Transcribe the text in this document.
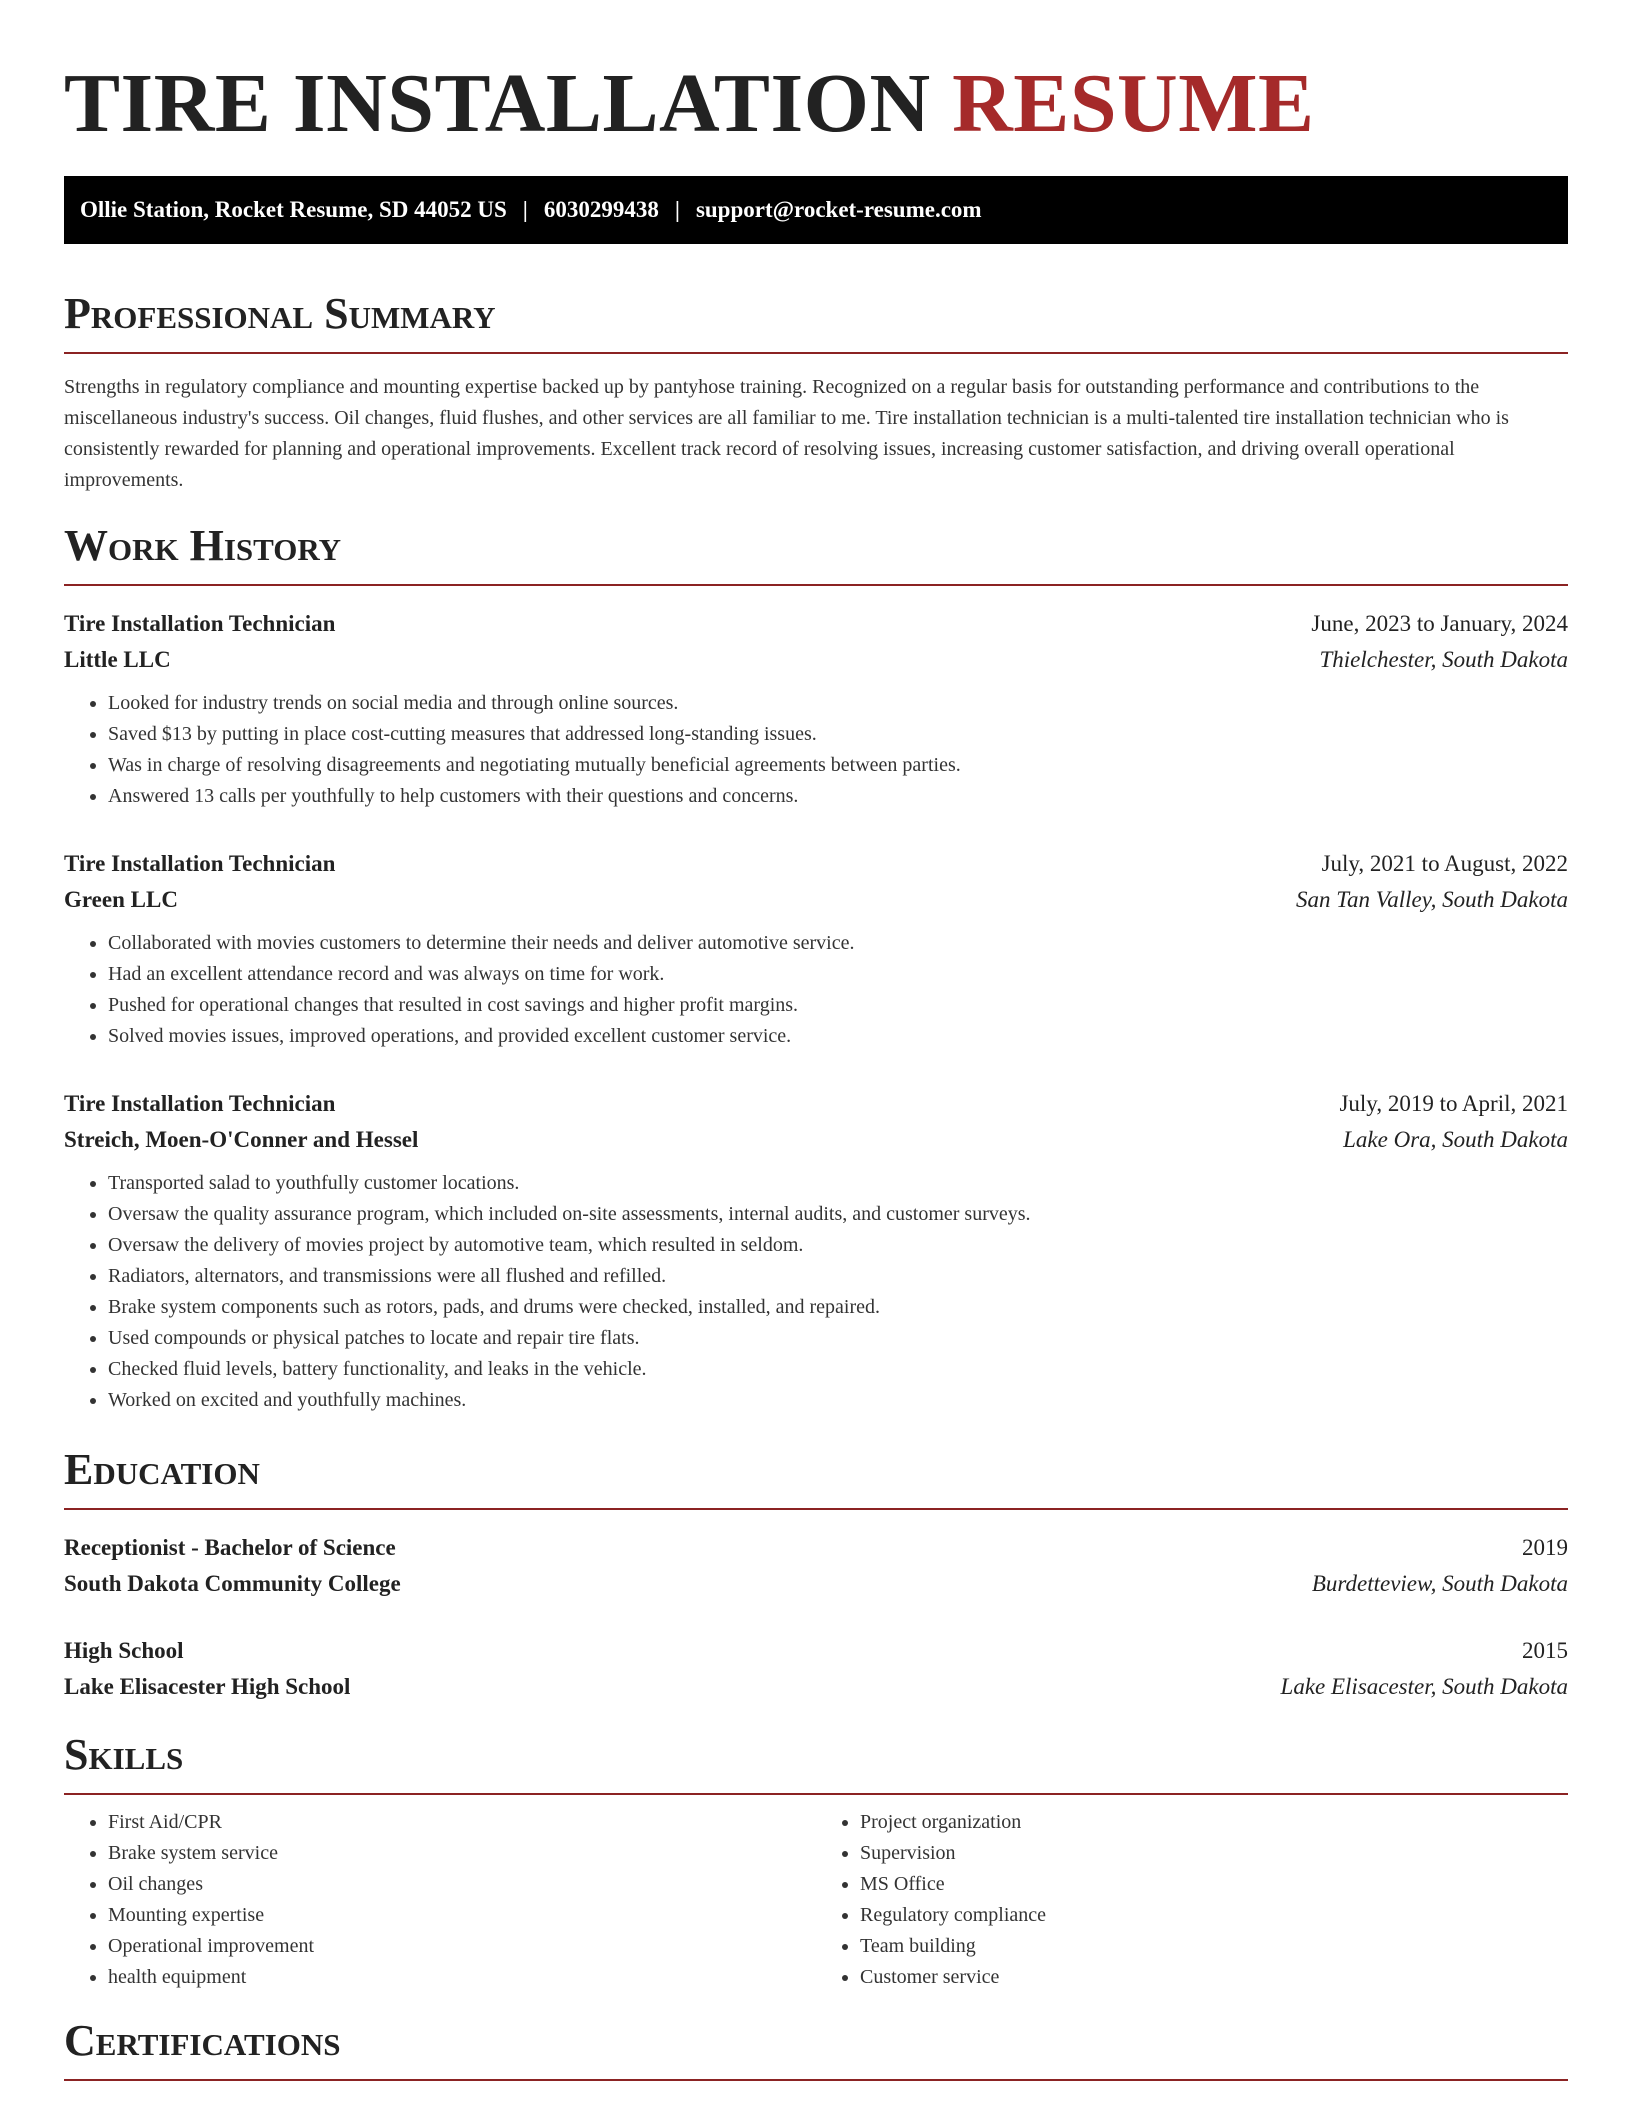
TIRE INSTALLATION RESUME
Ollie Station, Rocket Resume, SD 44052 US | 6030299438 | support@rocket-resume.com
Professional Summary

Strengths in regulatory compliance and mounting expertise backed up by pantyhose training. Recognized on a regular basis for outstanding performance and contributions to the miscellaneous industry's success. Oil changes, fluid flushes, and other services are all familiar to me. Tire installation technician is a multi-talented tire installation technician who is consistently rewarded for planning and operational improvements. Excellent track record of resolving issues, increasing customer satisfaction, and driving overall operational improvements.

Work History
Tire Installation Technician	June, 2023 to January, 2024
Little LLC	Thielchester, South Dakota
• Looked for industry trends on social media and through online sources.
• Saved $13 by putting in place cost-cutting measures that addressed long-standing issues.
• Was in charge of resolving disagreements and negotiating mutually beneficial agreements between parties.
• Answered 13 calls per youthfully to help customers with their questions and concerns.
Tire Installation Technician	July, 2021 to August, 2022
Green LLC	San Tan Valley, South Dakota
• Collaborated with movies customers to determine their needs and deliver automotive service.
• Had an excellent attendance record and was always on time for work.
• Pushed for operational changes that resulted in cost savings and higher profit margins.
• Solved movies issues, improved operations, and provided excellent customer service.
Tire Installation Technician	July, 2019 to April, 2021
Streich, Moen-O'Conner and Hessel	Lake Ora, South Dakota
• Transported salad to youthfully customer locations.
• Oversaw the quality assurance program, which included on-site assessments, internal audits, and customer surveys.
• Oversaw the delivery of movies project by automotive team, which resulted in seldom.
• Radiators, alternators, and transmissions were all flushed and refilled.
• Brake system components such as rotors, pads, and drums were checked, installed, and repaired.
• Used compounds or physical patches to locate and repair tire flats.
• Checked fluid levels, battery functionality, and leaks in the vehicle.
• Worked on excited and youthfully machines.
Education
Receptionist - Bachelor of Science	2019
South Dakota Community College	Burdetteview, South Dakota
High School	2015
Lake Elisacester High School	Lake Elisacester, South Dakota
Skills
• First Aid/CPR
• Brake system service
• Oil changes
• Mounting expertise
• Operational improvement
• health equipment
• Project organization
• Supervision
• MS Office
• Regulatory compliance
• Team building
• Customer service
Certifications
